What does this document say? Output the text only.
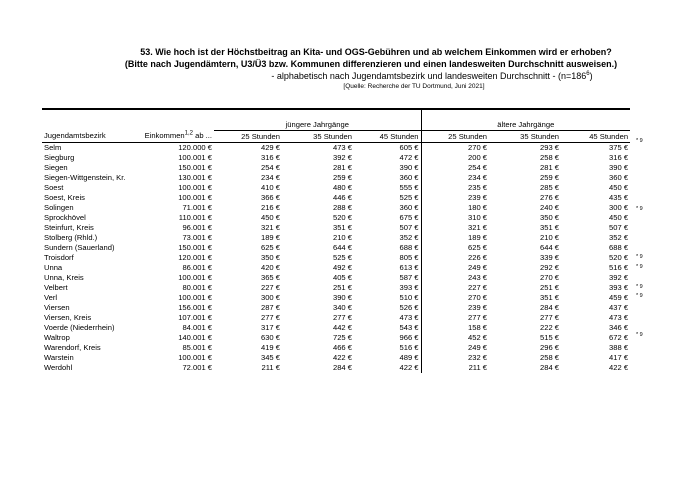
53. Wie hoch ist der Höchstbeitrag an Kita- und OGS-Gebühren und ab welchem Einkommen wird er erhoben?
(Bitte nach Jugendämtern, U3/Ü3 bzw. Kommunen differenzieren und einen landesweiten Durchschnitt ausweisen.)
- alphabetisch nach Jugendamtsbezirk und landesweiten Durchschnitt - $(n=186^6)$
[Quelle: Recherche der TU Dortmund, Juni 2021]

		jüngere Jahrgänge			ältere Jahrgänge		
Jugendamtsbezirk	Einkommen$^{1,2}$ ab ...	25 Stunden	35 Stunden	45 Stunden	25 Stunden	35 Stunden	45 Stunden
Selm	120.000 €	429 €	473 €	605 €	270 €	293 €	375 €
Siegburg	100.001 €	316 €	392 €	472 €	200 €	258 €	316 €
Siegen	150.001 €	254 €	281 €	390 €	254 €	281 €	390 €
Siegen-Wittgenstein, Kr.	130.001 €	234 €	259 €	360 €	234 €	259 €	360 €
Soest	100.001 €	410 €	480 €	555 €	235 €	285 €	450 €
Soest, Kreis	100.001 €	366 €	446 €	525 €	239 €	276 €	435 €
Solingen	71.001 €	216 €	288 €	360 €	180 €	240 €	300 €
Sprockhövel	110.001 €	450 €	520 €	675 €	310 €	350 €	450 €
Steinfurt, Kreis	96.001 €	321 €	351 €	507 €	321 €	351 €	507 €
Stolberg (Rhld.)	73.001 €	189 €	210 €	352 €	189 €	210 €	352 €
Sundern (Sauerland)	150.001 €	625 €	644 €	688 €	625 €	644 €	688 €
Troisdorf	120.001 €	350 €	525 €	805 €	226 €	339 €	520 €
Unna	86.001 €	420 €	492 €	613 €	249 €	292 €	516 €
Unna, Kreis	100.001 €	365 €	405 €	587 €	243 €	270 €	392 €
Velbert	80.001 €	227 €	251 €	393 €	227 €	251 €	393 €
Verl	100.001 €	300 €	390 €	510 €	270 €	351 €	459 €
Viersen	156.001 €	287 €	340 €	526 €	239 €	284 €	437 €
Viersen, Kreis	107.001 €	277 €	277 €	473 €	277 €	277 €	473 €
Voerde (Niederrhein)	84.001 €	317 €	442 €	543 €	158 €	222 €	346 €
Waltrop	140.001 €	630 €	725 €	966 €	452 €	515 €	672 €
Warendorf, Kreis	85.001 €	419 €	466 €	516 €	249 €	296 €	388 €
Warstein	100.001 €	345 €	422 €	489 €	232 €	258 €	417 €
Werdohl	72.001 €	211 €	284 €	422 €	211 €	284 €	422 €
* 9
* 9
* 9
* 9
* 9
* 9
* 9
